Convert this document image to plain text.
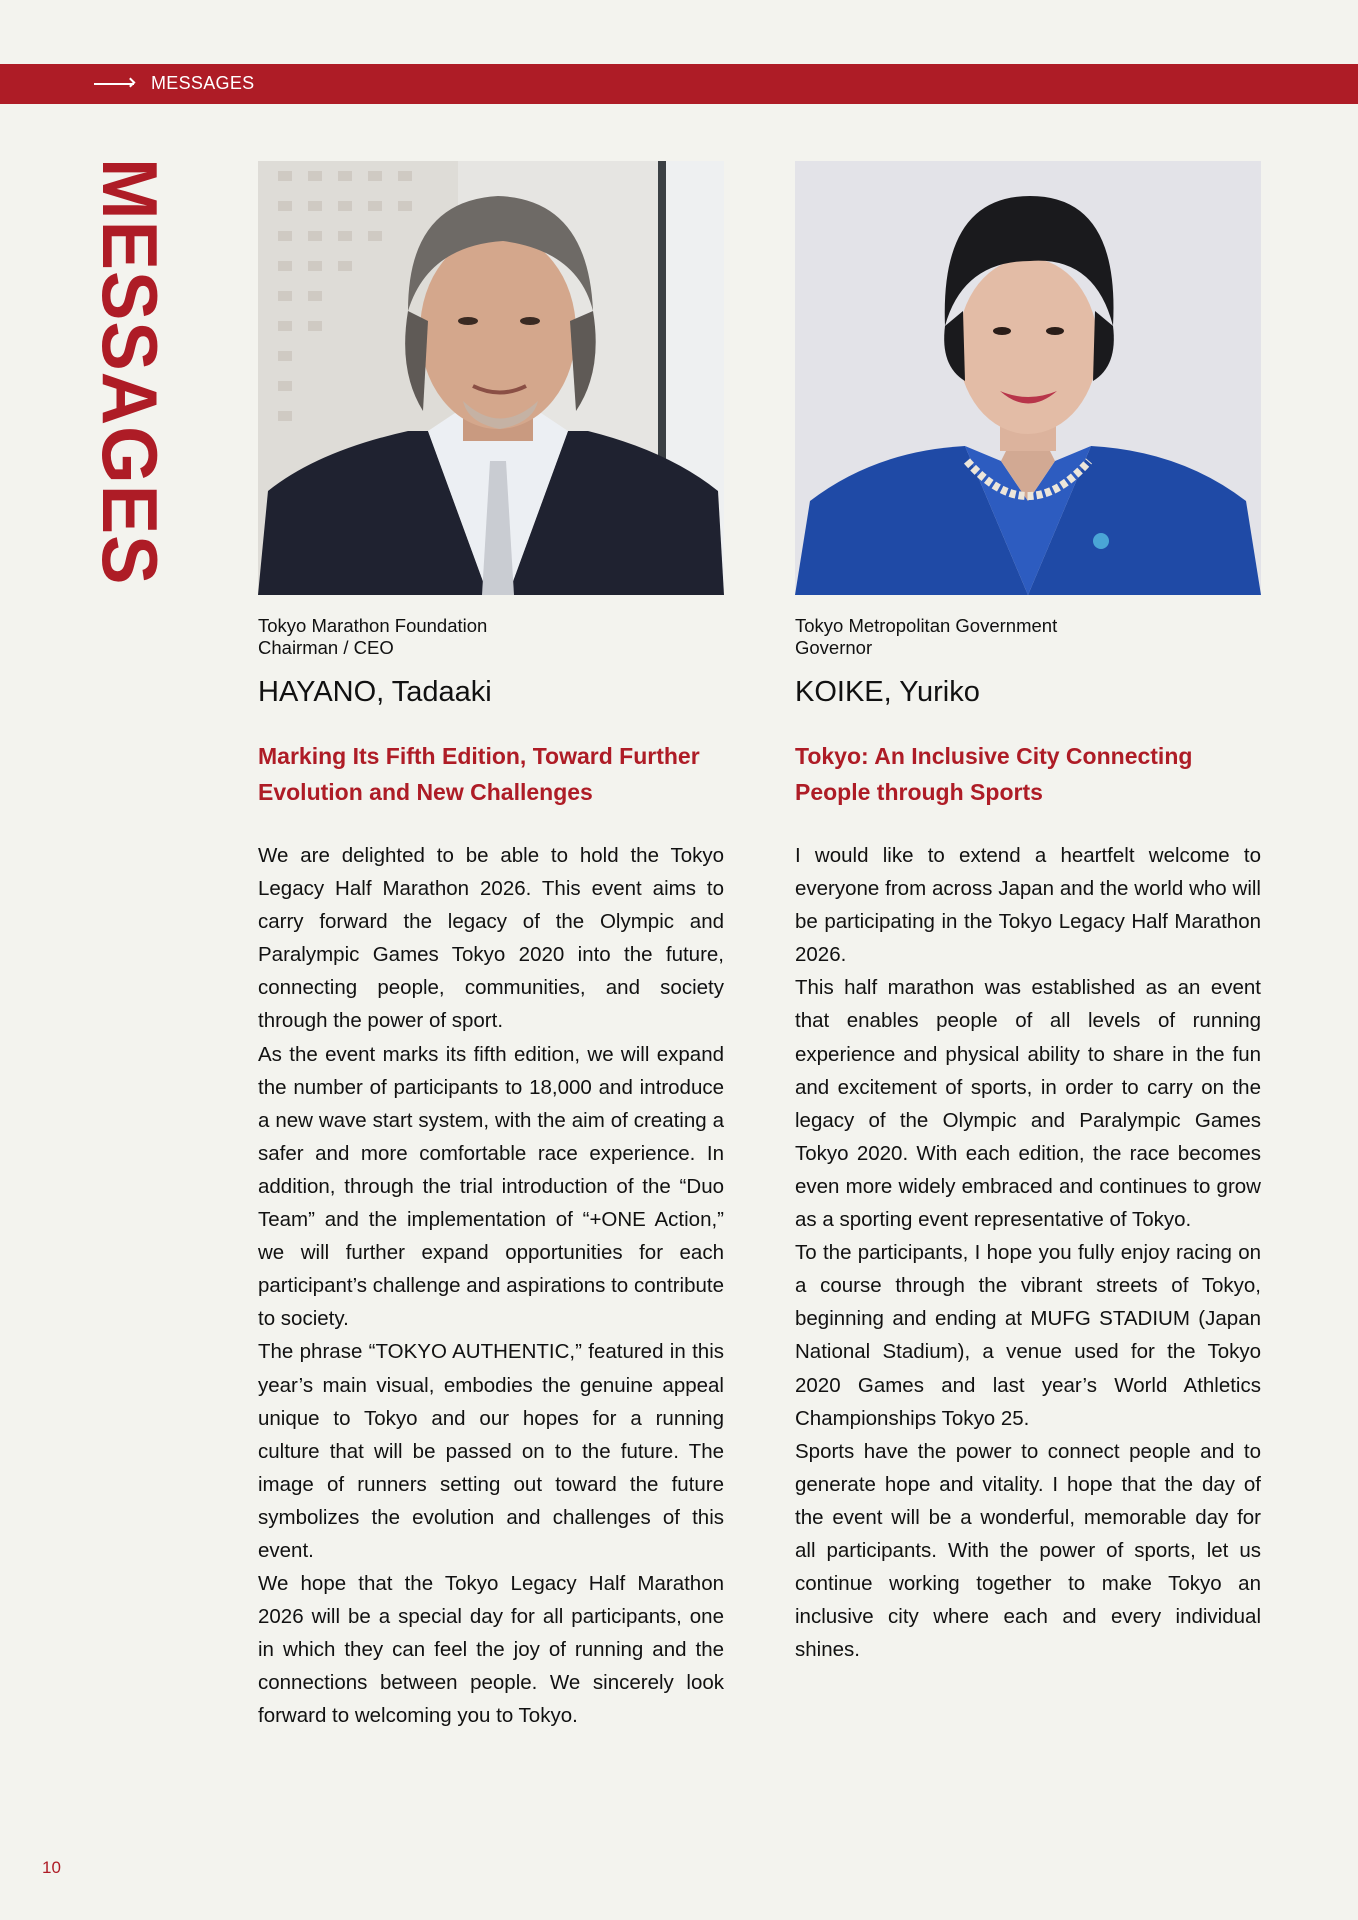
MESSAGES
MESSAGES
Tokyo Marathon Foundation
Chairman / CEO
HAYANO, Tadaaki
Marking Its Fifth Edition, Toward Further
Evolution and New Challenges

We are delighted to be able to hold the Tokyo Legacy Half Marathon 2026. This event aims to carry forward the legacy of the Olympic and Paralympic Games Tokyo 2020 into the future, connecting people, communities, and society through the power of sport.

As the event marks its fifth edition, we will expand the number of participants to 18,000 and introduce a new wave start system, with the aim of creating a safer and more comfortable race experience. In addition, through the trial introduction of the “Duo Team” and the implementation of “+ONE Action,” we will further expand opportunities for each participant’s challenge and aspirations to contribute to society.

The phrase “TOKYO AUTHENTIC,” featured in this year’s main visual, embodies the genuine appeal unique to Tokyo and our hopes for a running culture that will be passed on to the future. The image of runners setting out toward the future symbolizes the evolution and challenges of this event.

We hope that the Tokyo Legacy Half Marathon 2026 will be a special day for all participants, one in which they can feel the joy of running and the connections between people. We sincerely look forward to welcoming you to Tokyo.

Tokyo Metropolitan Government
Governor
KOIKE, Yuriko
Tokyo: An Inclusive City Connecting
People through Sports

I would like to extend a heartfelt welcome to everyone from across Japan and the world who will be participating in the Tokyo Legacy Half Marathon 2026.

This half marathon was established as an event that enables people of all levels of running experience and physical ability to share in the fun and excitement of sports, in order to carry on the legacy of the Olympic and Paralympic Games Tokyo 2020. With each edition, the race becomes even more widely embraced and continues to grow as a sporting event representative of Tokyo.

To the participants, I hope you fully enjoy racing on a course through the vibrant streets of Tokyo, beginning and ending at MUFG STADIUM (Japan National Stadium), a venue used for the Tokyo 2020 Games and last year’s World Athletics Championships Tokyo 25.

Sports have the power to connect people and to generate hope and vitality. I hope that the day of the event will be a wonderful, memorable day for all participants. With the power of sports, let us continue working together to make Tokyo an inclusive city where each and every individual shines.

10
